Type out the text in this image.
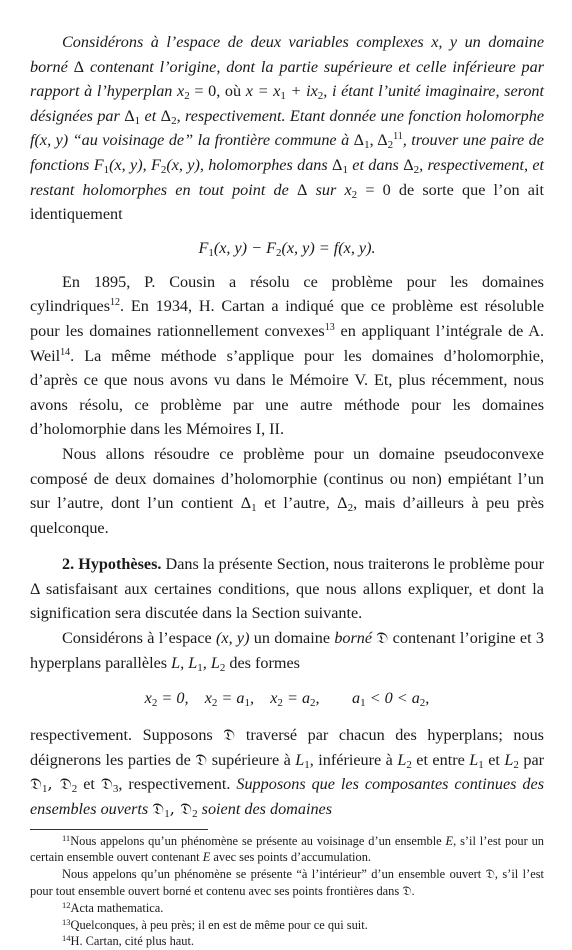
Considérons à l’espace de deux variables complexes x, y un domaine borné Δ contenant l’origine, dont la partie supérieure et celle inférieure par rapport à l’hyperplan $x_2 = 0$, où $x = x_1 + ix_2$, i étant l’unité imaginaire, seront désignées par $\Delta_1$ et $\Delta_2$, respectivement. Etant donnée une fonction holomorphe f(x, y) “au voisinage de” la frontière commune à $\Delta_1$, $\Delta_2^{11}$, trouver une paire de fonctions $F_1(x$, y), $F_2(x$, y), holomorphes dans $\Delta_1$ et dans $\Delta_2$, respectivement, et restant holomorphes en tout point de Δ sur $x_2 = 0$ de sorte que l’on ait identiquement

$F_1(x$, $y) - F_2(x$, y) = f(x, y).

En 1895, P. Cousin a résolu ce problème pour les domaines cylindriques$^{12}$. En 1934, H. Cartan a indiqué que ce problème est résoluble pour les domaines rationnellement convexes$^{13}$ en appliquant l’intégrale de A. Weil$^{14}$. La même méthode s’applique pour les domaines d’holomorphie, d’après ce que nous avons vu dans le Mémoire V. Et, plus récemment, nous avons résolu, ce problème par une autre méthode pour les domaines d’holomorphie dans les Mémoires I, II.

Nous allons résoudre ce problème pour un domaine pseudoconvexe composé de deux domaines d’holomorphie (continus ou non) empiétant l’un sur l’autre, dont l’un contient $\Delta_1$ et l’autre, $\Delta_2$, mais d’ailleurs à peu près quelconque.

2. Hypothèses. Dans la présente Section, nous traiterons le problème pour Δ satisfaisant aux certaines conditions, que nous allons expliquer, et dont la signification sera discutée dans la Section suivante.

Considérons à l’espace (x, y) un domaine borné 𝔇 contenant l’origine et 3 hyperplans parallèles L, $L_1$, $L_2$ des formes

$x_2 = 0$,    $x_2 = a_1$,    $x_2 = a_2$,        $a_1 < 0 < a_2$,

respectivement. Supposons 𝔇 traversé par chacun des hyperplans; nous déignerons les parties de 𝔇 supérieure à $L_1$, inférieure à $L_2$ et entre $L_1$ et $L_2$ par 𝔇$_1$, 𝔇$_2$ et 𝔇$_3$, respectivement. Supposons que les composantes continues des ensembles ouverts 𝔇$_1$, 𝔇$_2$ soient des domaines

$^{11}$Nous appelons qu’un phénomène se présente au voisinage d’un ensemble E, s’il l’est pour un certain ensemble ouvert contenant E avec ses points d’accumulation.

Nous appelons qu’un phénomène se présente “à l’intérieur” d’un ensemble ouvert 𝔇, s’il l’est pour tout ensemble ouvert borné et contenu avec ses points frontières dans 𝔇.

$^{12}$Acta mathematica.

$^{13}$Quelconques, à peu près; il en est de même pour ce qui suit.

$^{14}$H. Cartan, cité plus haut.
